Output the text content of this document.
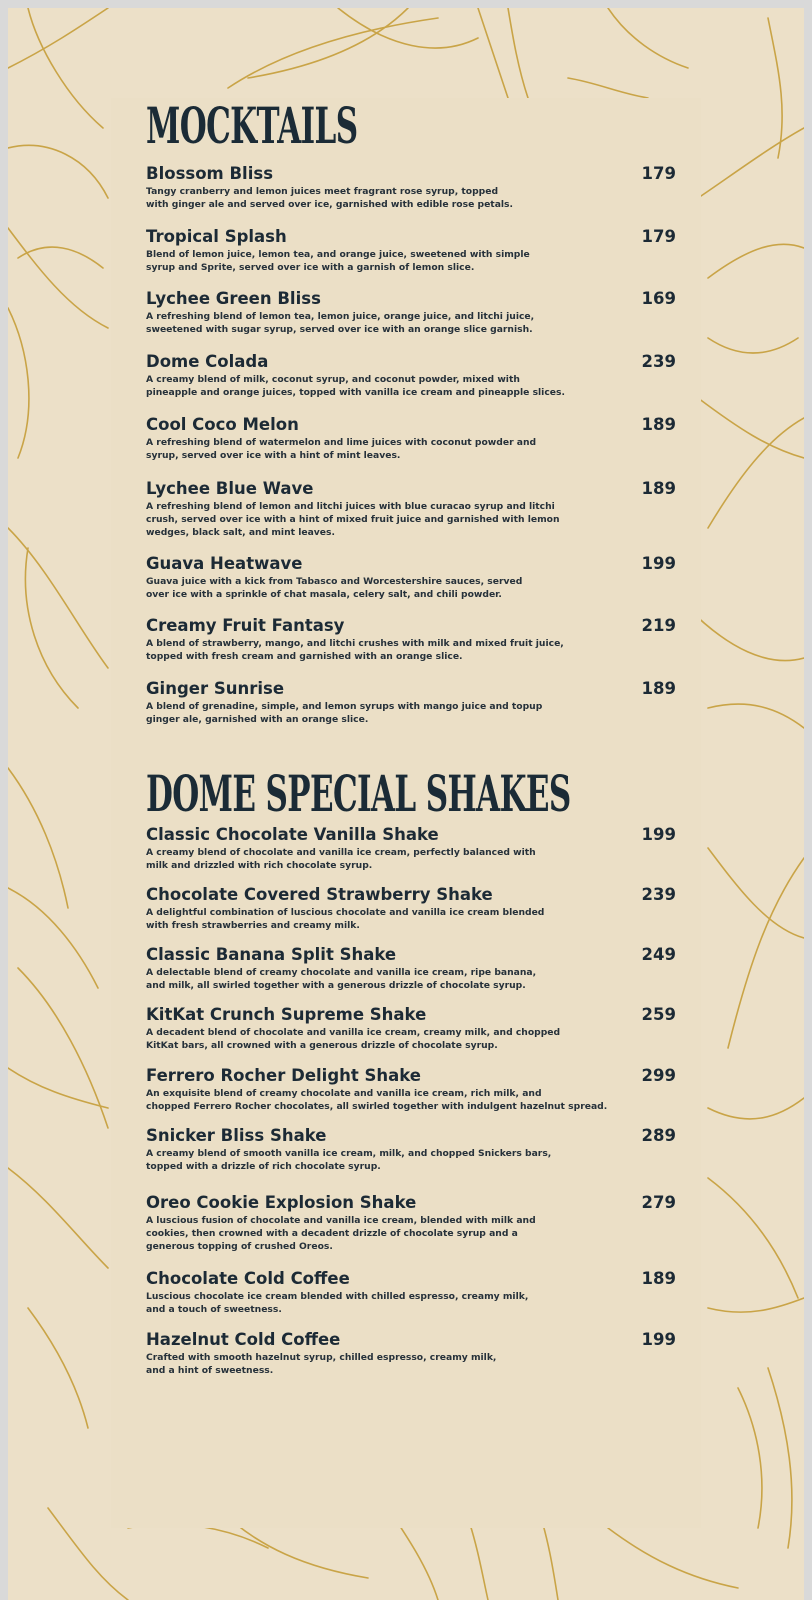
MOCKTAILS
Blossom Bliss	179
Tangy cranberry and lemon juices meet fragrant rose syrup, topped
with ginger ale and served over ice, garnished with edible rose petals.
Tropical Splash	179
Blend of lemon juice, lemon tea, and orange juice, sweetened with simple
syrup and Sprite, served over ice with a garnish of lemon slice.
Lychee Green Bliss	169
A refreshing blend of lemon tea, lemon juice, orange juice, and litchi juice,
sweetened with sugar syrup, served over ice with an orange slice garnish.
Dome Colada	239
A creamy blend of milk, coconut syrup, and coconut powder, mixed with
pineapple and orange juices, topped with vanilla ice cream and pineapple slices.
Cool Coco Melon	189
A refreshing blend of watermelon and lime juices with coconut powder and
syrup, served over ice with a hint of mint leaves.
Lychee Blue Wave	189
A refreshing blend of lemon and litchi juices with blue curacao syrup and litchi
crush, served over ice with a hint of mixed fruit juice and garnished with lemon
wedges, black salt, and mint leaves.
Guava Heatwave	199
Guava juice with a kick from Tabasco and Worcestershire sauces, served
over ice with a sprinkle of chat masala, celery salt, and chili powder.
Creamy Fruit Fantasy	219
A blend of strawberry, mango, and litchi crushes with milk and mixed fruit juice,
topped with fresh cream and garnished with an orange slice.
Ginger Sunrise	189
A blend of grenadine, simple, and lemon syrups with mango juice and topup
ginger ale, garnished with an orange slice.
DOME SPECIAL SHAKES
Classic Chocolate Vanilla Shake	199
A creamy blend of chocolate and vanilla ice cream, perfectly balanced with
milk and drizzled with rich chocolate syrup.
Chocolate Covered Strawberry Shake	239
A delightful combination of luscious chocolate and vanilla ice cream blended
with fresh strawberries and creamy milk.
Classic Banana Split Shake	249
A delectable blend of creamy chocolate and vanilla ice cream, ripe banana,
and milk, all swirled together with a generous drizzle of chocolate syrup.
KitKat Crunch Supreme Shake	259
A decadent blend of chocolate and vanilla ice cream, creamy milk, and chopped
KitKat bars, all crowned with a generous drizzle of chocolate syrup.
Ferrero Rocher Delight Shake	299
An exquisite blend of creamy chocolate and vanilla ice cream, rich milk, and
chopped Ferrero Rocher chocolates, all swirled together with indulgent hazelnut spread.
Snicker Bliss Shake	289
A creamy blend of smooth vanilla ice cream, milk, and chopped Snickers bars,
topped with a drizzle of rich chocolate syrup.
Oreo Cookie Explosion Shake	279
A luscious fusion of chocolate and vanilla ice cream, blended with milk and
cookies, then crowned with a decadent drizzle of chocolate syrup and a
generous topping of crushed Oreos.
Chocolate Cold Coffee	189
Luscious chocolate ice cream blended with chilled espresso, creamy milk,
and a touch of sweetness.
Hazelnut Cold Coffee	199
Crafted with smooth hazelnut syrup, chilled espresso, creamy milk,
and a hint of sweetness.
